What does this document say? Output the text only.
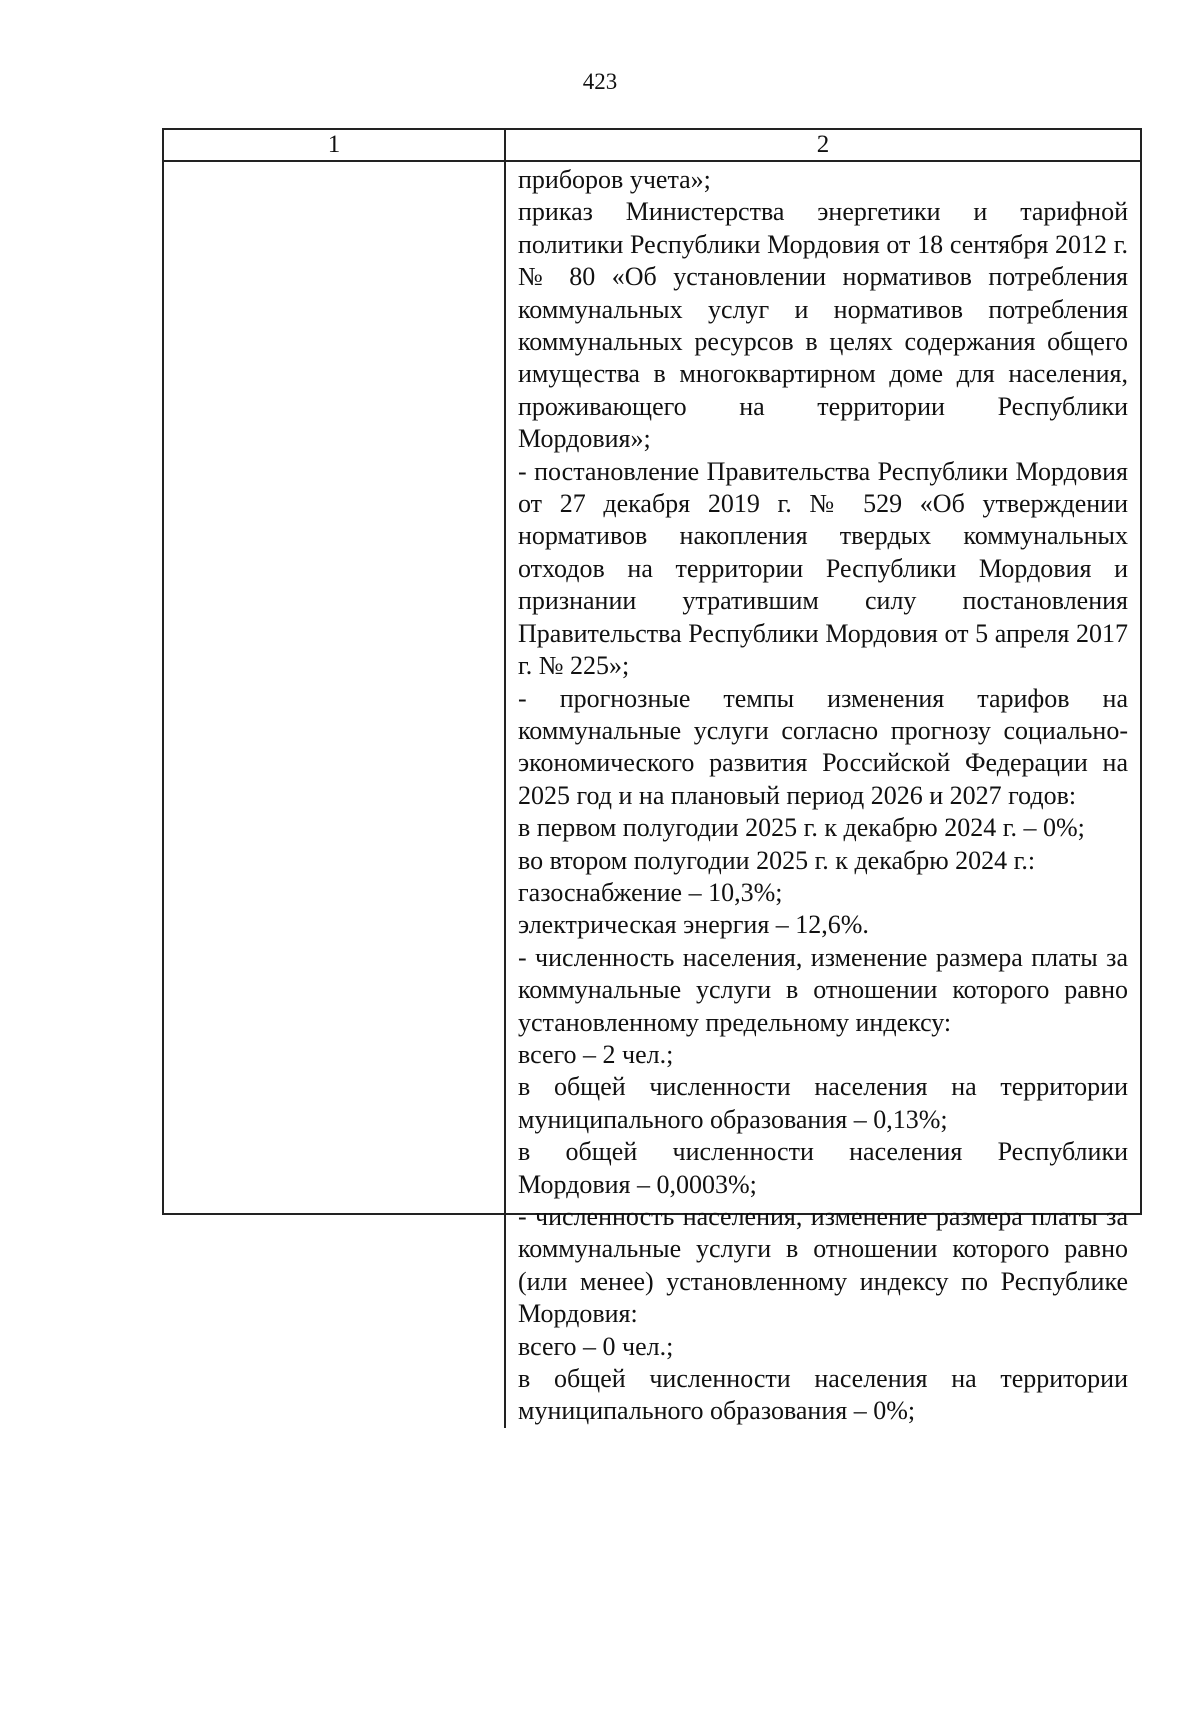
423
1	2

приборов учета»;

приказ Министерства энергетики и тарифной политики Республики Мордовия от 18 сентября 2012 г. № 80 «Об установлении нормативов потребления коммунальных услуг и нормативов потребления коммунальных ресурсов в целях содержания общего имущества в многоквартирном доме для населения, проживающего на территории Республики Мордовия»;

- постановление Правительства Республики Мордовия от 27 декабря 2019 г. № 529 «Об утверждении нормативов накопления твердых коммунальных отходов на территории Республики Мордовия и признании утратившим силу постановления Правительства Республики Мордовия от 5 апреля 2017 г. № 225»;

- прогнозные темпы изменения тарифов на коммунальные услуги согласно прогнозу социально-экономического развития Российской Федерации на 2025 год и на плановый период 2026 и 2027 годов:

в первом полугодии 2025 г. к декабрю 2024 г. – 0%;

во втором полугодии 2025 г. к декабрю 2024 г.:

газоснабжение – 10,3%;

электрическая энергия – 12,6%.

- численность населения, изменение размера платы за коммунальные услуги в отношении которого равно установленному предельному индексу:

всего – 2 чел.;

в общей численности населения на территории муниципального образования – 0,13%;

в общей численности населения Республики Мордовия – 0,0003%;

- численность населения, изменение размера платы за коммунальные услуги в отношении которого равно (или менее) установленному индексу по Республике Мордовия:

всего – 0 чел.;

в общей численности населения на территории муниципального образования – 0%;
